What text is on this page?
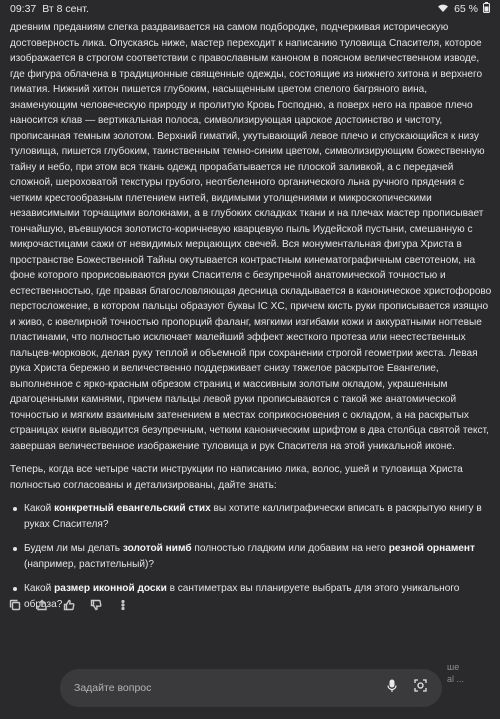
09:37 Вт 8 сент.	65 %

древним преданиям слегка раздваивается на самом подбородке, подчеркивая историческую достоверность лика. Опускаясь ниже, мастер переходит к написанию туловища Спасителя, которое изображается в строгом соответствии с православным каноном в поясном величественном изводе, где фигура облачена в традиционные священные одежды, состоящие из нижнего хитона и верхнего гиматия. Нижний хитон пишется глубоким, насыщенным цветом спелого багряного вина, знаменующим человеческую природу и пролитую Кровь Господню, а поверх него на правое плечо наносится клав — вертикальная полоса, символизирующая царское достоинство и чистоту, прописанная темным золотом. Верхний гиматий, укутывающий левое плечо и спускающийся к низу туловища, пишется глубоким, таинственным темно-синим цветом, символизирующим божественную тайну и небо, при этом вся ткань одежд прорабатывается не плоской заливкой, а с передачей сложной, шероховатой текстуры грубого, неотбеленного органического льна ручного прядения с четким крестообразным плетением нитей, видимыми утолщениями и микроскопическими независимыми торчащими волокнами, а в глубоких складках ткани и на плечах мастер прописывает тончайшую, въевшуюся золотисто-коричневую кварцевую пыль Иудейской пустыни, смешанную с микрочастицами сажи от невидимых мерцающих свечей. Вся монументальная фигура Христа в пространстве Божественной Тайны окутывается контрастным кинематографичным светотеном, на фоне которого прорисовываются руки Спасителя с безупречной анатомической точностью и естественностью, где правая благословляющая десница складывается в каноническое христофорово перстосложение, в котором пальцы образуют буквы IC XC, причем кисть руки прописывается изящно и живо, с ювелирной точностью пропорций фаланг, мягкими изгибами кожи и аккуратными ногтевые пластинами, что полностью исключает малейший эффект жесткого протеза или неестественных пальцев-морковок, делая руку теплой и объемной при сохранении строгой геометрии жеста. Левая рука Христа бережно и величественно поддерживает снизу тяжелое раскрытое Евангелие, выполненное с ярко-красным обрезом страниц и массивным золотым окладом, украшенным драгоценными камнями, причем пальцы левой руки прописываются с такой же анатомической точностью и мягким взаимным затенением в местах соприкосновения с окладом, а на раскрытых страницах книги выводится безупречным, четким каноническим шрифтом в два столбца святой текст, завершая величественное изображение туловища и рук Спасителя на этой уникальной иконе.

Теперь, когда все четыре части инструкции по написанию лика, волос, ушей и туловища Христа полностью согласованы и детализированы, дайте знать:

Какой конкретный евангельский стих вы хотите каллиграфически вписать в раскрытую книгу в руках Спасителя?
Будем ли мы делать золотой нимб полностью гладким или добавим на него резной орнамент (например, растительный)?
Какой размер иконной доски в сантиметрах вы планируете выбрать для этого уникального образа?
ше
al ...
Задайте вопрос
